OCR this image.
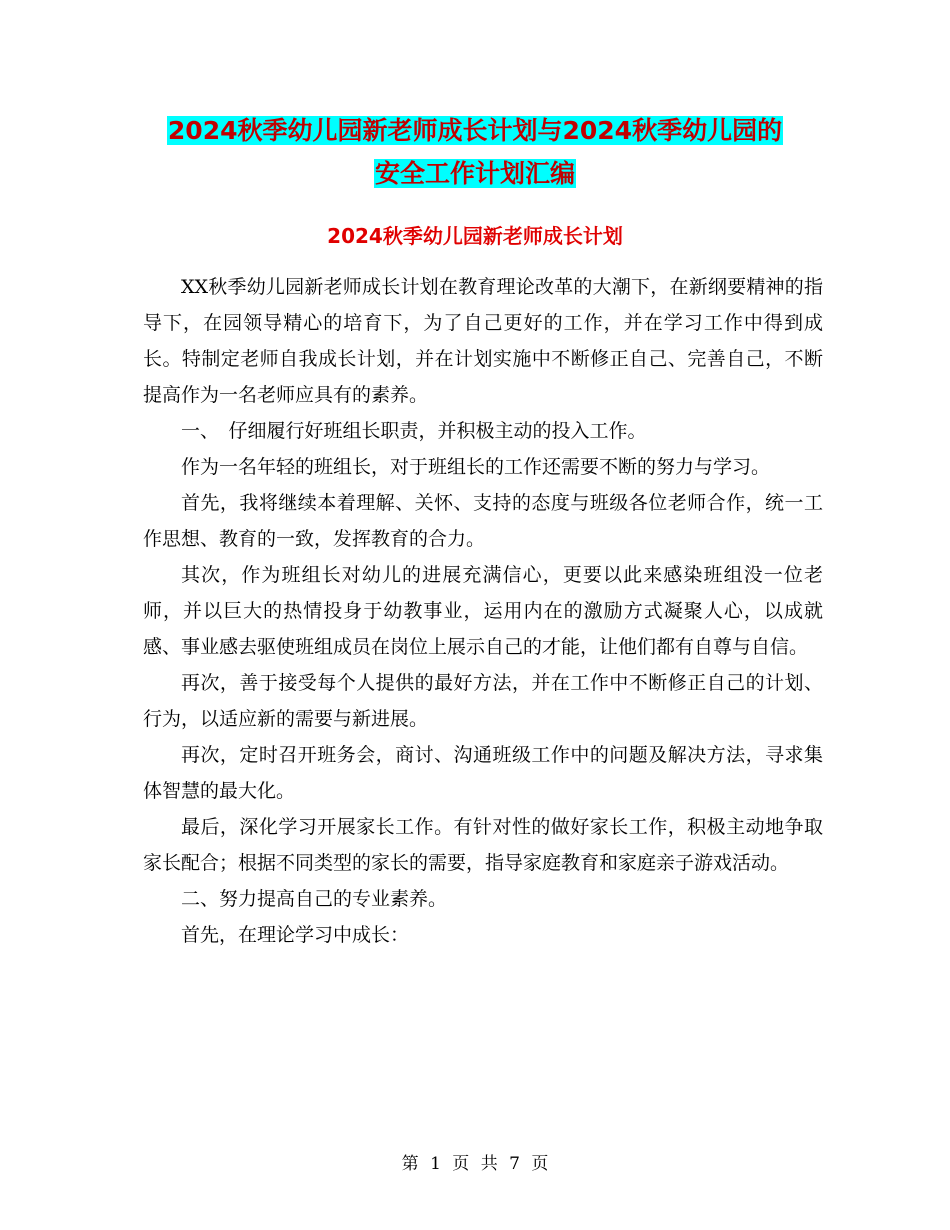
2024秋季幼儿园新老师成长计划与2024秋季幼儿园的
安全工作计划汇编
2024秋季幼儿园新老师成长计划

XX秋季幼儿园新老师成长计划在教育理论改革的大潮下，在新纲要精神的指导下，在园领导精心的培育下，为了自己更好的工作，并在学习工作中得到成长。特制定老师自我成长计划，并在计划实施中不断修正自己、完善自己，不断提高作为一名老师应具有的素养。

一、　仔细履行好班组长职责，并积极主动的投入工作。

作为一名年轻的班组长，对于班组长的工作还需要不断的努力与学习。

首先，我将继续本着理解、关怀、支持的态度与班级各位老师合作，统一工作思想、教育的一致，发挥教育的合力。

其次，作为班组长对幼儿的进展充满信心，更要以此来感染班组没一位老师，并以巨大的热情投身于幼教事业，运用内在的激励方式凝聚人心，以成就感、事业感去驱使班组成员在岗位上展示自己的才能，让他们都有自尊与自信。

再次，善于接受每个人提供的最好方法，并在工作中不断修正自己的计划、行为，以适应新的需要与新进展。

再次，定时召开班务会，商讨、沟通班级工作中的问题及解决方法，寻求集体智慧的最大化。

最后，深化学习开展家长工作。有针对性的做好家长工作，积极主动地争取家长配合；根据不同类型的家长的需要，指导家庭教育和家庭亲子游戏活动。

二、努力提高自己的专业素养。

首先，在理论学习中成长：

第 1 页 共 7 页
